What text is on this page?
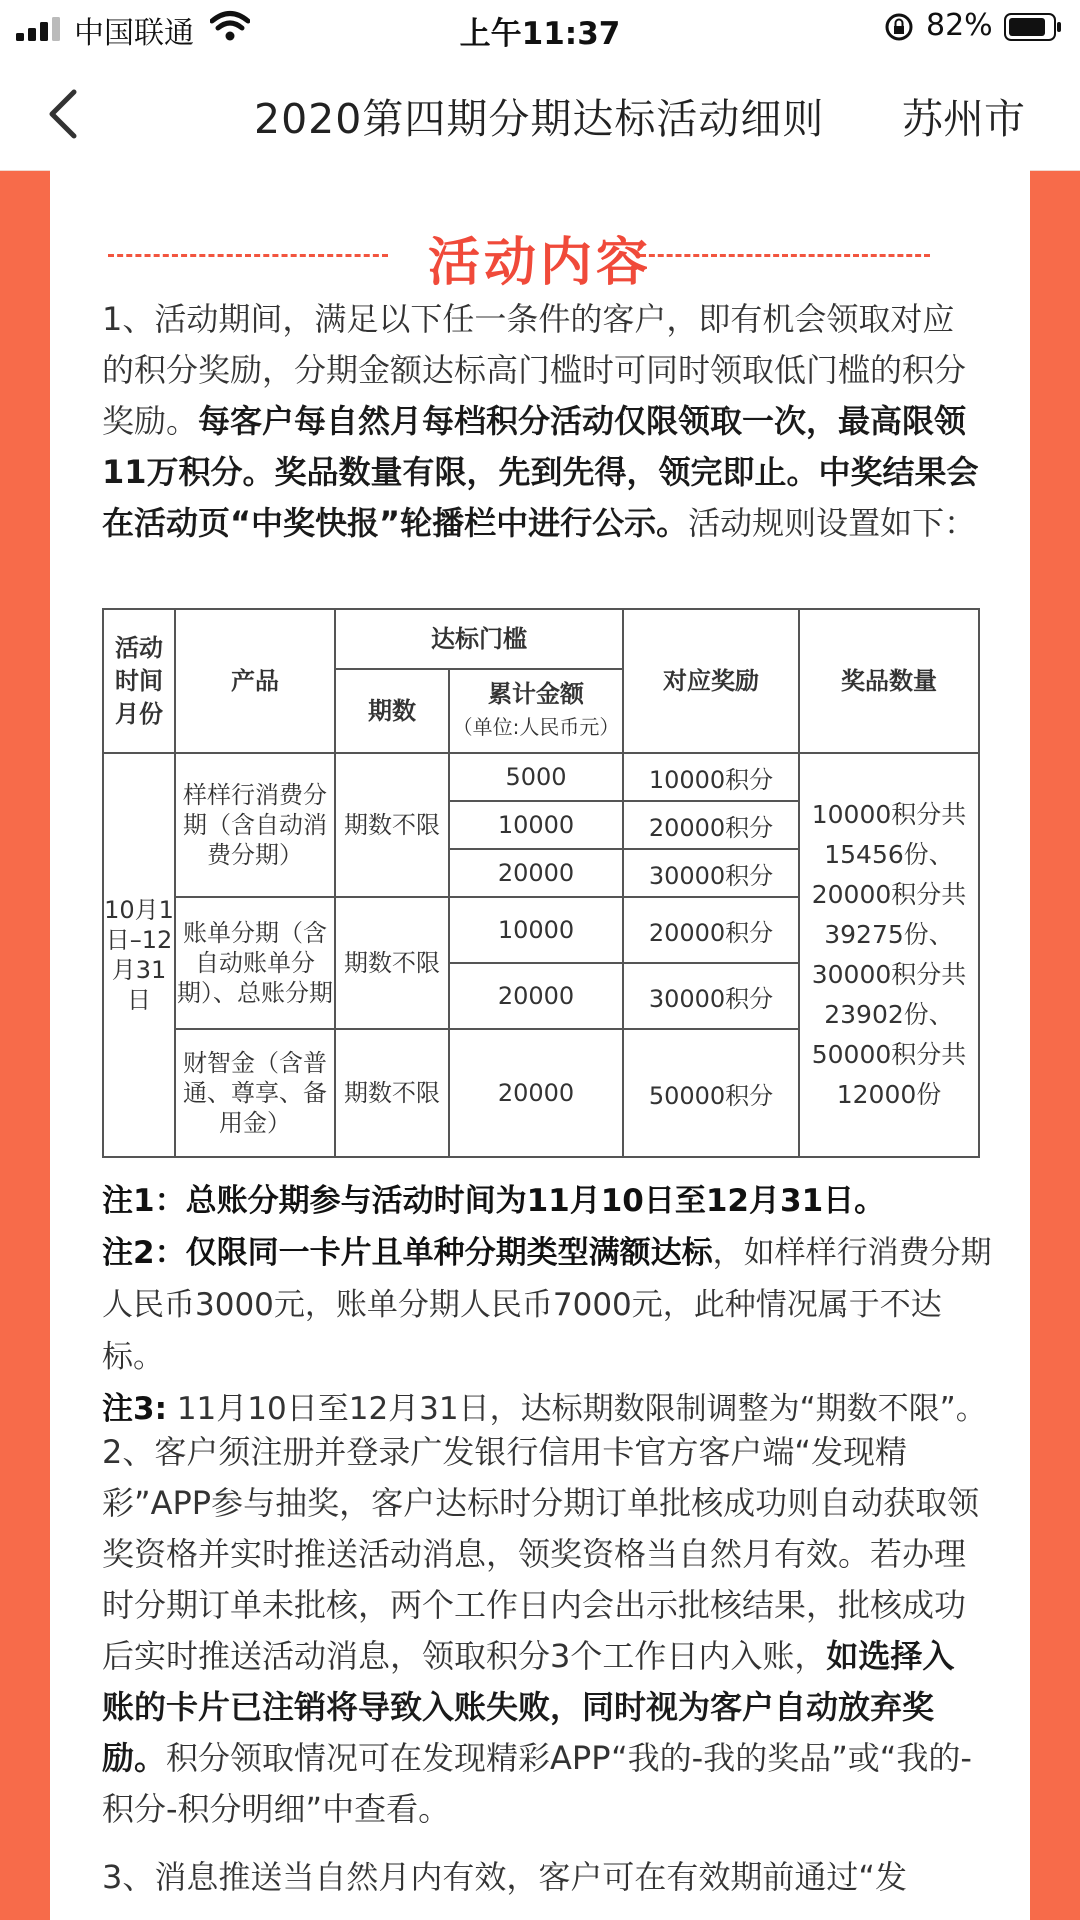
中国联通	上午11:37	82%
2020第四期分期达标活动细则 苏州市
活动内容
1、活动期间，满足以下任一条件的客户，即有机会领取对应的积分奖励，分期金额达标高门槛时可同时领取低门槛的积分奖励。每客户每自然月每档积分活动仅限领取一次，最高限领11万积分。奖品数量有限，先到先得，领完即止。中奖结果会在活动页“中奖快报”轮播栏中进行公示。活动规则设置如下：
活动时间月份	产品	达标门槛		对应奖励	奖品数量
		期数	累计金额
（单位:人民币元）		

10月1日–12月31日	样样行消费分期（含自动消费分期）	期数不限	5000	10000积分	10000积分共15456份、20000积分共39275份、30000积分共23902份、50000积分共12000份
			10000	20000积分	
			20000	30000积分	
	账单分期（含自动账单分期）、总账分期	期数不限	10000	20000积分	
			20000	30000积分	
	财智金（含普通、尊享、备用金）	期数不限	20000	50000积分	
注1：总账分期参与活动时间为11月10日至12月31日。
注2：仅限同一卡片且单种分期类型满额达标，如样样行消费分期人民币3000元，账单分期人民币7000元，此种情况属于不达标。
注3: 11月10日至12月31日，达标期数限制调整为“期数不限”。
2、客户须注册并登录广发银行信用卡官方客户端“发现精彩”APP参与抽奖，客户达标时分期订单批核成功则自动获取领奖资格并实时推送活动消息，领奖资格当自然月有效。若办理时分期订单未批核，两个工作日内会出示批核结果，批核成功后实时推送活动消息，领取积分3个工作日内入账，如选择入账的卡片已注销将导致入账失败，同时视为客户自动放弃奖励。积分领取情况可在发现精彩APP“我的-我的奖品”或“我的-积分-积分明细”中查看。
3、消息推送当自然月内有效，客户可在有效期前通过“发
